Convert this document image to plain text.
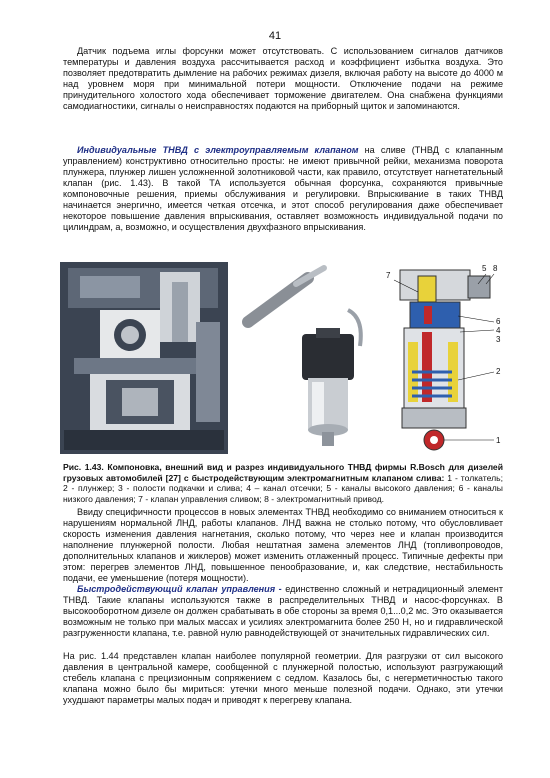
41

Датчик подъема иглы форсунки может отсутствовать. С использованием сигналов датчиков температуры и давления воздуха рассчитывается расход и коэффициент избытка воздуха. Это позволяет предотвратить дымление на рабочих режимах дизеля, включая работу на высоте до 4000 м над уровнем моря при минимальной потери мощности. Отключение подачи на режиме принудительного холостого хода обеспечивает торможение двигателем. Она снабжена функциями самодиагностики, сигналы о неисправностях подаются на приборный щиток и запоминаются.

Индивидуальные ТНВД с электроуправляемым клапаном на сливе (ТНВД с клапанным управлением) конструктивно относительно просты: не имеют привычной рейки, механизма поворота плунжера, плунжер лишен усложненной золотниковой части, как правило, отсутствует нагнетательный клапан (рис. 1.43). В такой ТА используется обычная форсунка, сохраняются привычные компоновочные решения, приемы обслуживания и регулировки. Впрыскивание в таких ТНВД начинается энергично, имеется четкая отсечка, и этот способ регулирования даже обеспечивает некоторое повышение давления впрыскивания, оставляет возможность индивидуальной подачи по цилиндрам, а, возможно, и осуществления двухфазного впрыскивания.

7
5 8
6
4
3
2
1

Рис. 1.43. Компоновка, внешний вид и разрез индивидуального ТНВД фирмы R.Bosch для дизелей грузовых автомобилей [27] с быстродействующим электромагнитным клапаном слива: 1 - толкатель; 2 - плунжер; 3 - полости подкачки и слива; 4 – канал отсечки; 5 - каналы высокого давления; 6 - каналы низкого давления; 7 - клапан управления сливом; 8 - электромагнитный привод.

Ввиду специфичности процессов в новых элементах ТНВД необходимо со вниманием относиться к нарушениям нормальной ЛНД, работы клапанов. ЛНД важна не столько потому, что обусловливает скорость изменения давления нагнетания, сколько потому, что через нее и клапан производится наполнение плунжерной полости. Любая нештатная замена элементов ЛНД (топливопроводов, дополнительных клапанов и жиклеров) может изменить отлаженный процесс. Типичные дефекты при этом: перегрев элементов ЛНД, повышенное пенообразование, и, как следствие, нестабильность подачи, ее уменьшение (потеря мощности).

Быстродействующий клапан управления - единственно сложный и нетрадиционный элемент ТНВД. Такие клапаны используются также в распределительных ТНВД и насос-форсунках. В высокооборотном дизеле он должен срабатывать в обе стороны за время 0,1...0,2 мс. Это оказывается возможным не только при малых массах и усилиях электромагнита более 250 Н, но и гидравлической разгруженности клапана, т.е. равной нулю равнодействующей от значительных гидравлических сил.

На рис. 1.44 представлен клапан наиболее популярной геометрии. Для разгрузки от сил высокого давления в центральной камере, сообщенной с плунжерной полостью, используют разгружающий стебель клапана с прецизионным сопряжением с седлом. Казалось бы, с негерметичностью такого клапана можно было бы мириться: утечки много меньше полезной подачи. Однако, эти утечки ухудшают параметры малых подач и приводят к перегреву клапана.
